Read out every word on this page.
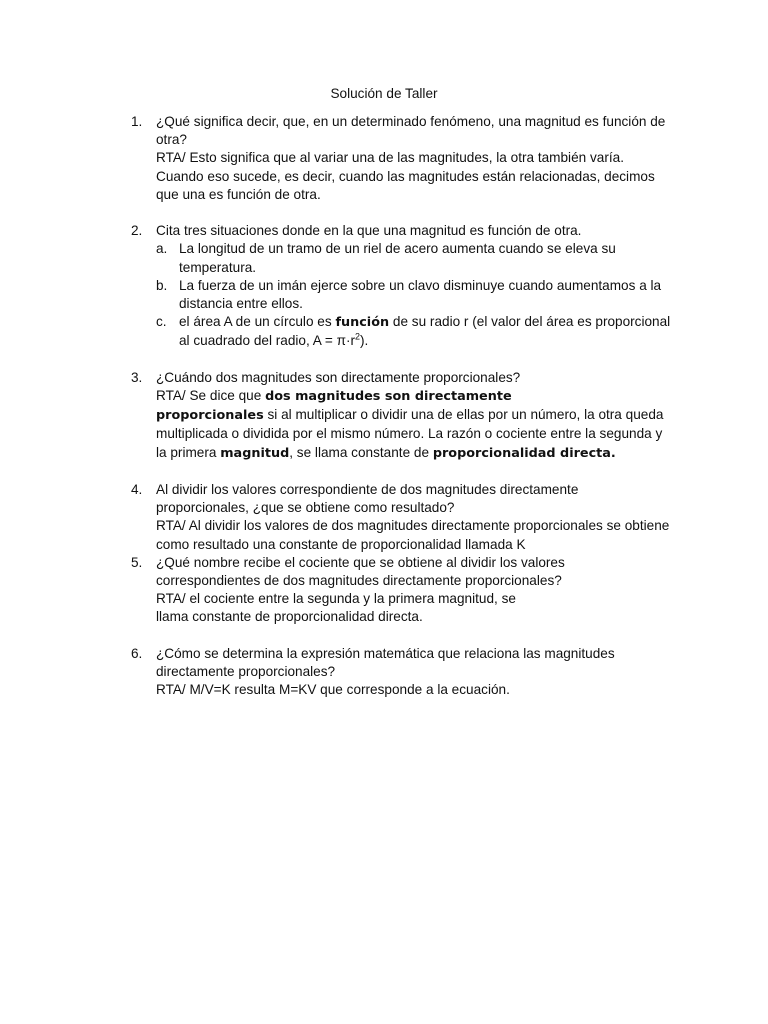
Solución de Taller
1. ¿Qué significa decir, que, en un determinado fenómeno, una magnitud es función de otra?
RTA/ Esto significa que al variar una de las magnitudes, la otra también varía. Cuando eso sucede, es decir, cuando las magnitudes están relacionadas, decimos que una es función de otra.
2. Cita tres situaciones donde en la que una magnitud es función de otra.
a. La longitud de un tramo de un riel de acero aumenta cuando se eleva su temperatura.
b. La fuerza de un imán ejerce sobre un clavo disminuye cuando aumentamos a la distancia entre ellos.
c. el área A de un círculo es función de su radio r (el valor del área es proporcional al cuadrado del radio, $A = \pi\cdot r^2$).
3. ¿Cuándo dos magnitudes son directamente proporcionales?
RTA/ Se dice que dos magnitudes son directamente
proporcionales si al multiplicar o dividir una de ellas por un número, la otra queda multiplicada o dividida por el mismo número. La razón o cociente entre la segunda y la primera magnitud, se llama constante de proporcionalidad directa.
4. Al dividir los valores correspondiente de dos magnitudes directamente proporcionales, ¿que se obtiene como resultado?
RTA/ Al dividir los valores de dos magnitudes directamente proporcionales se obtiene como resultado una constante de proporcionalidad llamada K
5. ¿Qué nombre recibe el cociente que se obtiene al dividir los valores correspondientes de dos magnitudes directamente proporcionales?
RTA/ el cociente entre la segunda y la primera magnitud, se
llama constante de proporcionalidad directa.
6. ¿Cómo se determina la expresión matemática que relaciona las magnitudes directamente proporcionales?
RTA/ M/V=K resulta M=KV que corresponde a la ecuación.
